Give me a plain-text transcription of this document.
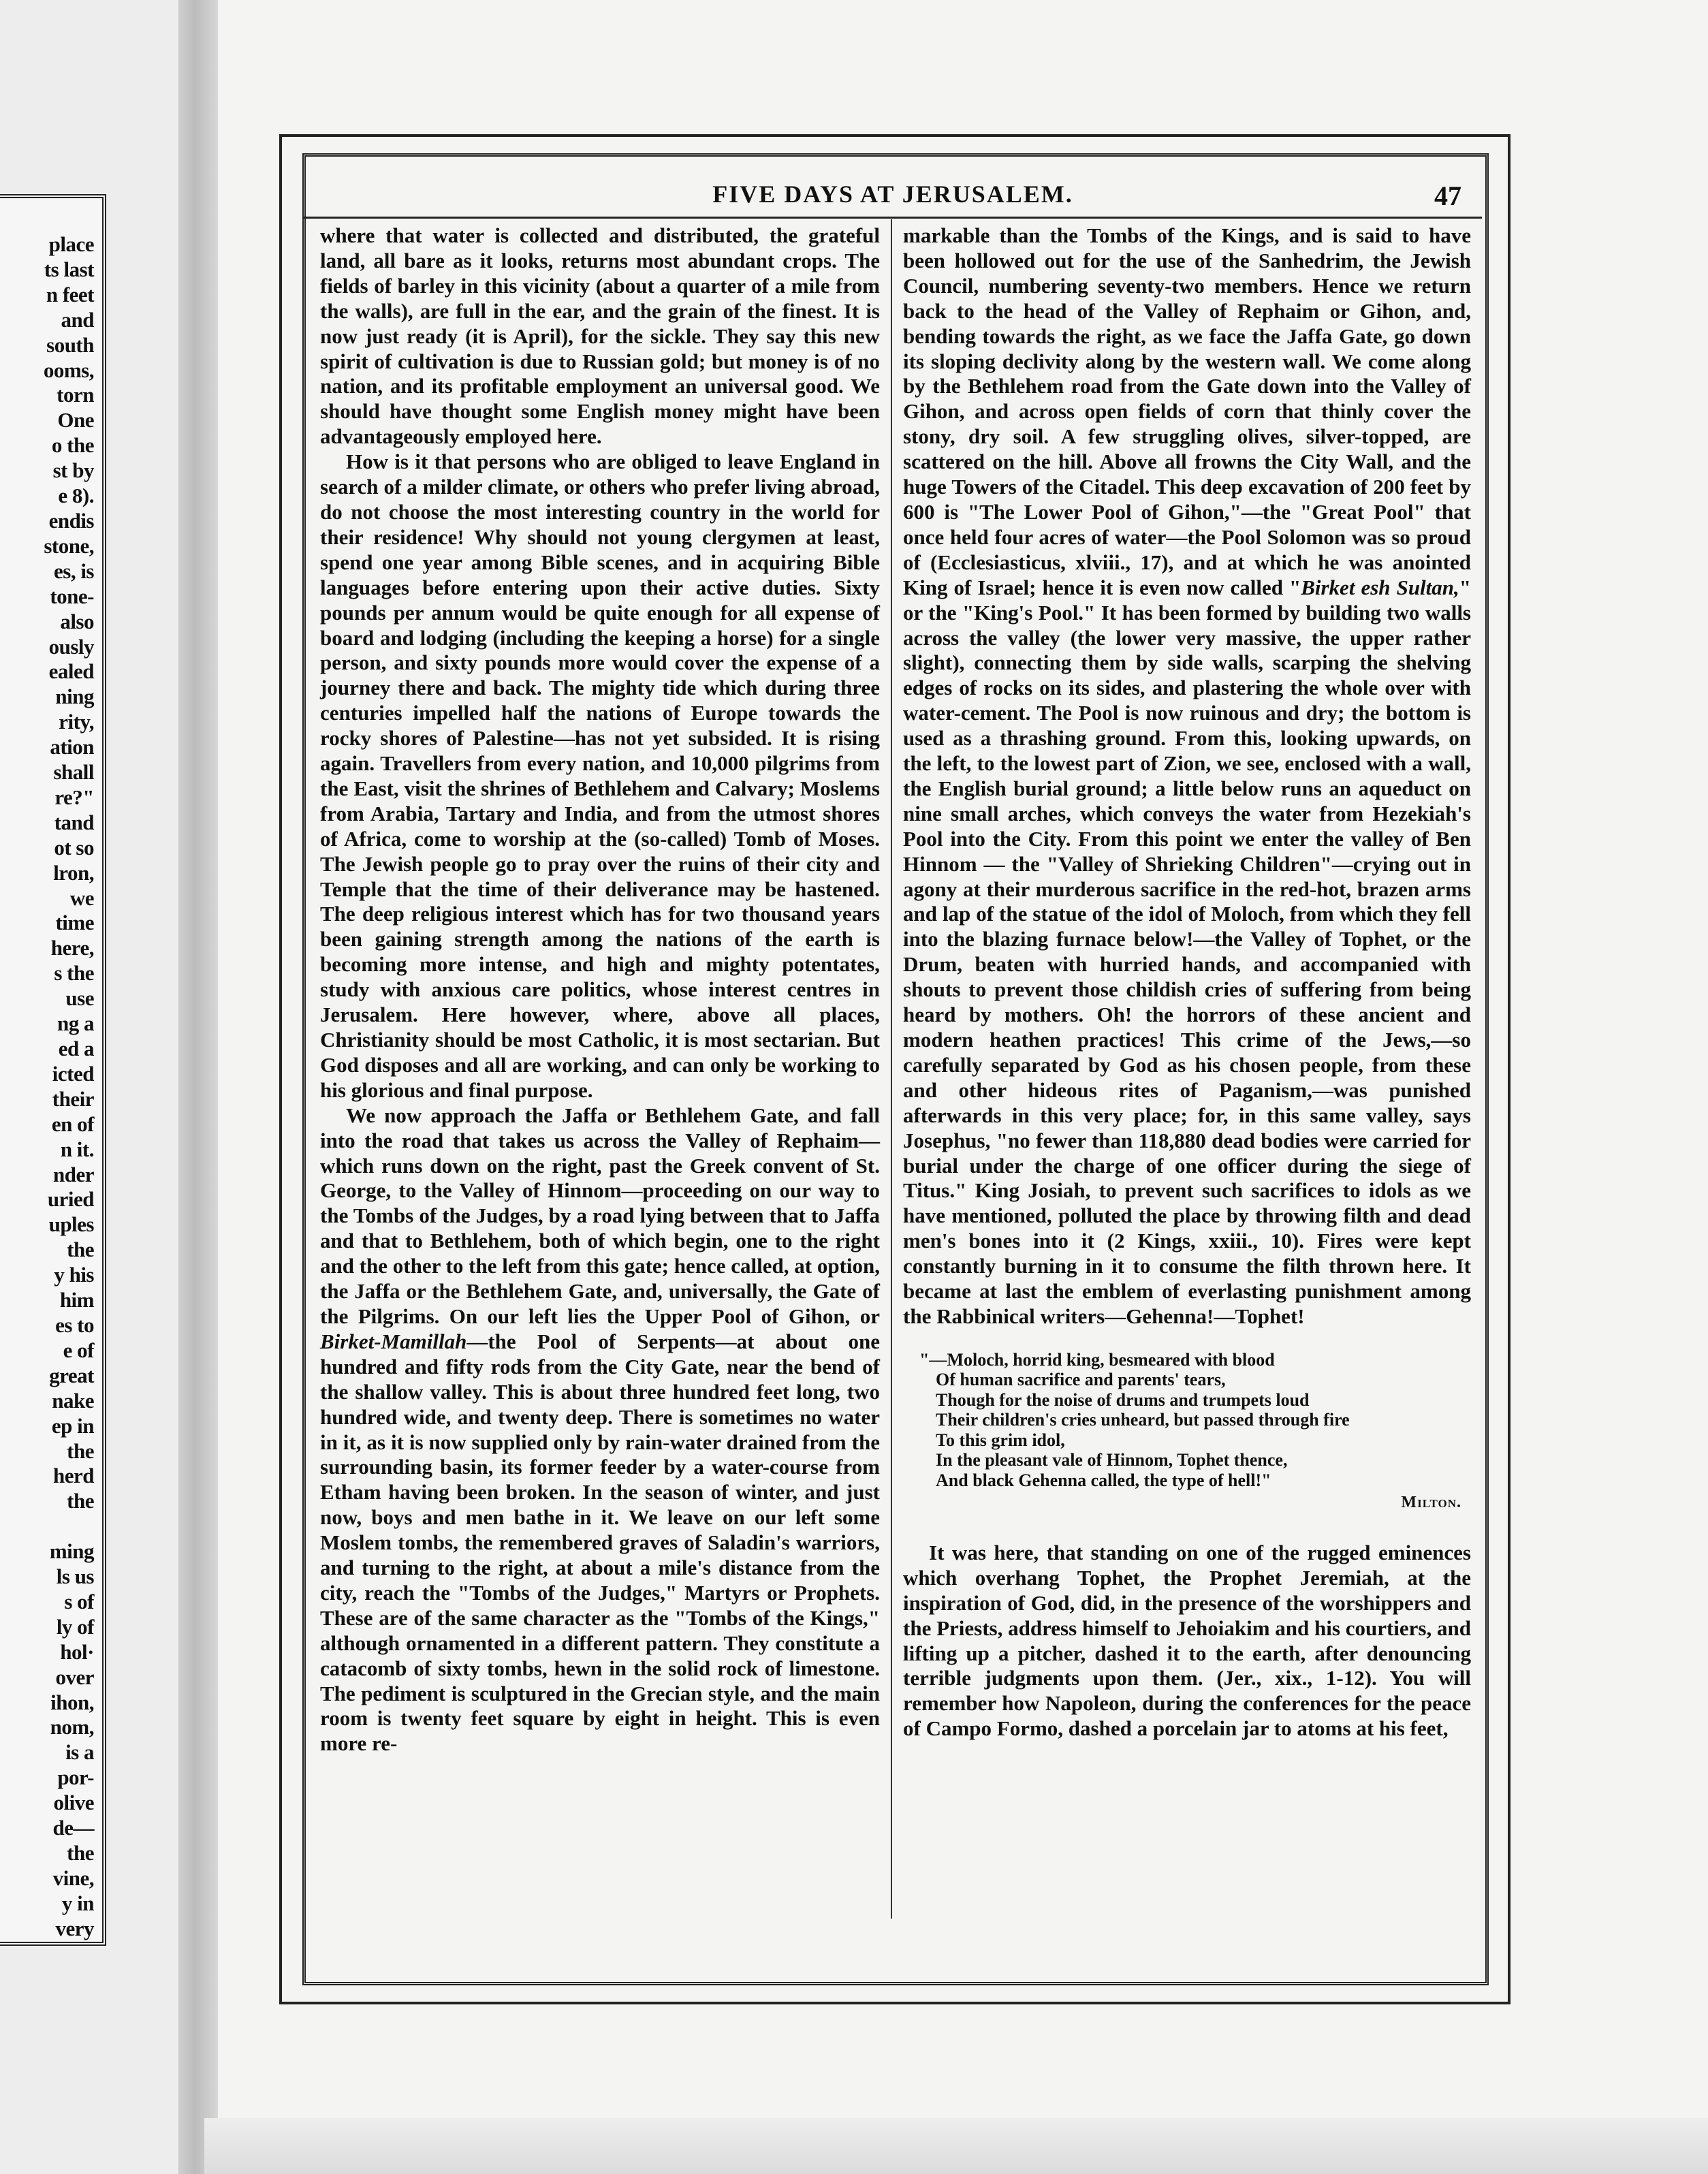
place
ts last
n feet
and
south
ooms,
torn
One
o the
st by
e 8).
endis
stone,
es, is
tone-
also
ously
ealed
ning
rity,
ation
shall
re?"
tand
ot so
lron,
we
time
here,
s the
use
ng a
ed a
icted
their
en of
n it.
nder
uried
uples
the
y his
him
es to
e of
great
nake
ep in
the
herd
the

ming
ls us
s of
ly of
hol·
over
ihon,
nom,
is a
por-
olive
de—
the
vine,
y in
very
FIVE DAYS AT JERUSALEM.	47

where that water is collected and distributed, the grateful land, all bare as it looks, returns most abundant crops. The fields of barley in this vicinity (about a quarter of a mile from the walls), are full in the ear, and the grain of the finest. It is now just ready (it is April), for the sickle. They say this new spirit of cultivation is due to Russian gold; but money is of no nation, and its profitable employment an universal good. We should have thought some English money might have been advantageously employed here.

How is it that persons who are obliged to leave England in search of a milder climate, or others who prefer living abroad, do not choose the most interesting country in the world for their residence! Why should not young clergymen at least, spend one year among Bible scenes, and in acquiring Bible languages before entering upon their active duties. Sixty pounds per annum would be quite enough for all expense of board and lodging (including the keeping a horse) for a single person, and sixty pounds more would cover the expense of a journey there and back. The mighty tide which during three centuries impelled half the nations of Europe towards the rocky shores of Palestine—has not yet subsided. It is rising again. Travellers from every nation, and 10,000 pilgrims from the East, visit the shrines of Bethlehem and Calvary; Moslems from Arabia, Tartary and India, and from the utmost shores of Africa, come to worship at the (so-called) Tomb of Moses. The Jewish people go to pray over the ruins of their city and Temple that the time of their deliverance may be hastened. The deep religious interest which has for two thousand years been gaining strength among the nations of the earth is becoming more intense, and high and mighty potentates, study with anxious care politics, whose interest centres in Jerusalem. Here however, where, above all places, Christianity should be most Catholic, it is most sectarian. But God disposes and all are working, and can only be working to his glorious and final purpose.

We now approach the Jaffa or Bethlehem Gate, and fall into the road that takes us across the Valley of Rephaim—which runs down on the right, past the Greek convent of St. George, to the Valley of Hinnom—proceeding on our way to the Tombs of the Judges, by a road lying between that to Jaffa and that to Bethlehem, both of which begin, one to the right and the other to the left from this gate; hence called, at option, the Jaffa or the Bethlehem Gate, and, universally, the Gate of the Pilgrims. On our left lies the Upper Pool of Gihon, or Birket-Mamillah—the Pool of Serpents—at about one hundred and fifty rods from the City Gate, near the bend of the shallow valley. This is about three hundred feet long, two hundred wide, and twenty deep. There is sometimes no water in it, as it is now supplied only by rain-water drained from the surrounding basin, its former feeder by a water-course from Etham having been broken. In the season of winter, and just now, boys and men bathe in it. We leave on our left some Moslem tombs, the remembered graves of Saladin's warriors, and turning to the right, at about a mile's distance from the city, reach the "Tombs of the Judges," Martyrs or Prophets. These are of the same character as the "Tombs of the Kings," although ornamented in a different pattern. They constitute a catacomb of sixty tombs, hewn in the solid rock of limestone. The pediment is sculptured in the Grecian style, and the main room is twenty feet square by eight in height. This is even more re-

markable than the Tombs of the Kings, and is said to have been hollowed out for the use of the Sanhedrim, the Jewish Council, numbering seventy-two members. Hence we return back to the head of the Valley of Rephaim or Gihon, and, bending towards the right, as we face the Jaffa Gate, go down its sloping declivity along by the western wall. We come along by the Bethlehem road from the Gate down into the Valley of Gihon, and across open fields of corn that thinly cover the stony, dry soil. A few struggling olives, silver-topped, are scattered on the hill. Above all frowns the City Wall, and the huge Towers of the Citadel. This deep excavation of 200 feet by 600 is "The Lower Pool of Gihon,"—the "Great Pool" that once held four acres of water—the Pool Solomon was so proud of (Ecclesiasticus, xlviii., 17), and at which he was anointed King of Israel; hence it is even now called "Birket esh Sultan," or the "King's Pool." It has been formed by building two walls across the valley (the lower very massive, the upper rather slight), connecting them by side walls, scarping the shelving edges of rocks on its sides, and plastering the whole over with water-cement. The Pool is now ruinous and dry; the bottom is used as a thrashing ground. From this, looking upwards, on the left, to the lowest part of Zion, we see, enclosed with a wall, the English burial ground; a little below runs an aqueduct on nine small arches, which conveys the water from Hezekiah's Pool into the City. From this point we enter the valley of Ben Hinnom — the "Valley of Shrieking Children"—crying out in agony at their murderous sacrifice in the red-hot, brazen arms and lap of the statue of the idol of Moloch, from which they fell into the blazing furnace below!—the Valley of Tophet, or the Drum, beaten with hurried hands, and accompanied with shouts to prevent those childish cries of suffering from being heard by mothers. Oh! the horrors of these ancient and modern heathen practices! This crime of the Jews,—so carefully separated by God as his chosen people, from these and other hideous rites of Paganism,—was punished afterwards in this very place; for, in this same valley, says Josephus, "no fewer than 118,880 dead bodies were carried for burial under the charge of one officer during the siege of Titus." King Josiah, to prevent such sacrifices to idols as we have mentioned, polluted the place by throwing filth and dead men's bones into it (2 Kings, xxiii., 10). Fires were kept constantly burning in it to consume the filth thrown here. It became at last the emblem of everlasting punishment among the Rabbinical writers—Gehenna!—Tophet!

"—Moloch, horrid king, besmeared with blood
Of human sacrifice and parents' tears,
Though for the noise of drums and trumpets loud
Their children's cries unheard, but passed through fire
To this grim idol,
In the pleasant vale of Hinnom, Tophet thence,
And black Gehenna called, the type of hell!"
Milton.

It was here, that standing on one of the rugged eminences which overhang Tophet, the Prophet Jeremiah, at the inspiration of God, did, in the presence of the worshippers and the Priests, address himself to Jehoiakim and his courtiers, and lifting up a pitcher, dashed it to the earth, after denouncing terrible judgments upon them. (Jer., xix., 1-12). You will remember how Napoleon, during the conferences for the peace of Campo Formo, dashed a porcelain jar to atoms at his feet,
